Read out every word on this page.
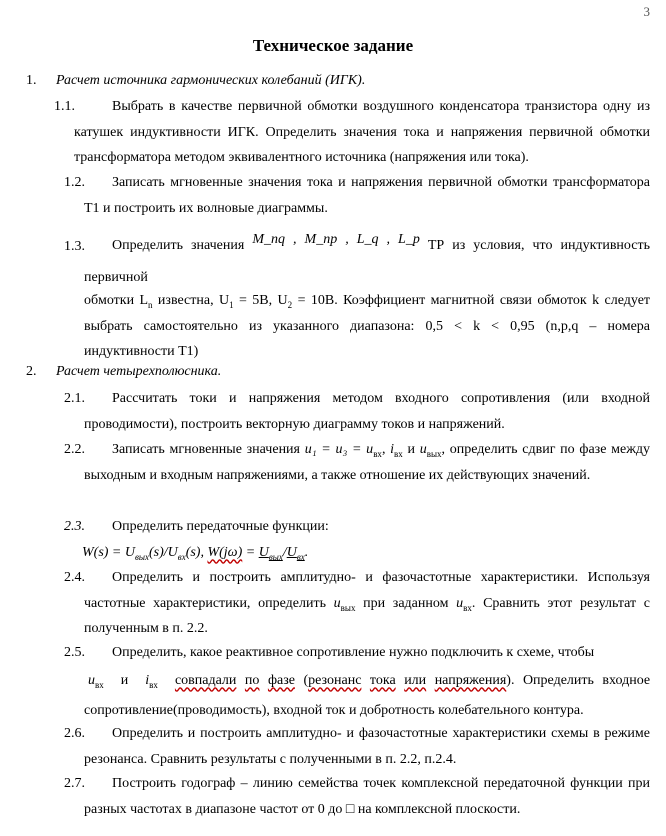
3
Техническое задание
1. Расчет источника гармонических колебаний (ИГК).
1.1.	Выбрать в качестве первичной обмотки воздушного конденсатора транзистора одну из катушек индуктивности ИГК. Определить значения тока и напряжения первичной обмотки трансформатора методом эквивалентного источника (напряжения или тока).

1.2.	Записать мгновенные значения тока и напряжения первичной обмотки трансформатора Т1 и построить их волновые диаграммы.

1.3.	Определить значения M_nq , M_np , L_q , L_p ТР из условия, что индуктивность первичной

обмотки $L_n$ известна, $U_1 = 5В$, $U_2 = 10В$. Коэффициент магнитной связи обмоток k следует выбрать самостоятельно из указанного диапазона: 0,5 < k < 0,95 (n,p,q – номера индуктивности Т1)

2. Расчет четырехполюсника.
2.1.	Рассчитать токи и напряжения методом входного сопротивления (или входной проводимости), построить векторную диаграмму токов и напряжений.

2.2.	Записать мгновенные значения $u_1 = u_3 = u_{вх}$, $i_{вх}$ и $u_{вых}$, определить сдвиг по фазе между выходным и входным напряжениями, а также отношение их действующих значений.

2.3.	Определить передаточные функции:

$W(s) = U_{вых}(s)/U_{вх}(s)$, $W(j\omega) = U_{вых}/U_{вх}$.

2.4.	Определить и построить амплитудно- и фазочастотные характеристики. Используя частотные характеристики, определить $u_{вых}$ при заданном $u_{вх}$. Сравнить этот результат с полученным в п. 2.2.

2.5.	Определить, какое реактивное сопротивление нужно подключить к схеме, чтобы

$u_{вх}$ и $i_{вх}$ совпадали по фазе (резонанс тока или напряжения). Определить входное сопротивление(проводимость), входной ток и добротность колебательного контура.

2.6.	Определить и построить амплитудно- и фазочастотные характеристики схемы в режиме резонанса. Сравнить результаты с полученными в п. 2.2, п.2.4.

2.7.	Построить годограф – линию семейства точек комплексной передаточной функции при разных частотах в диапазоне частот от 0 до □ на комплексной плоскости.
